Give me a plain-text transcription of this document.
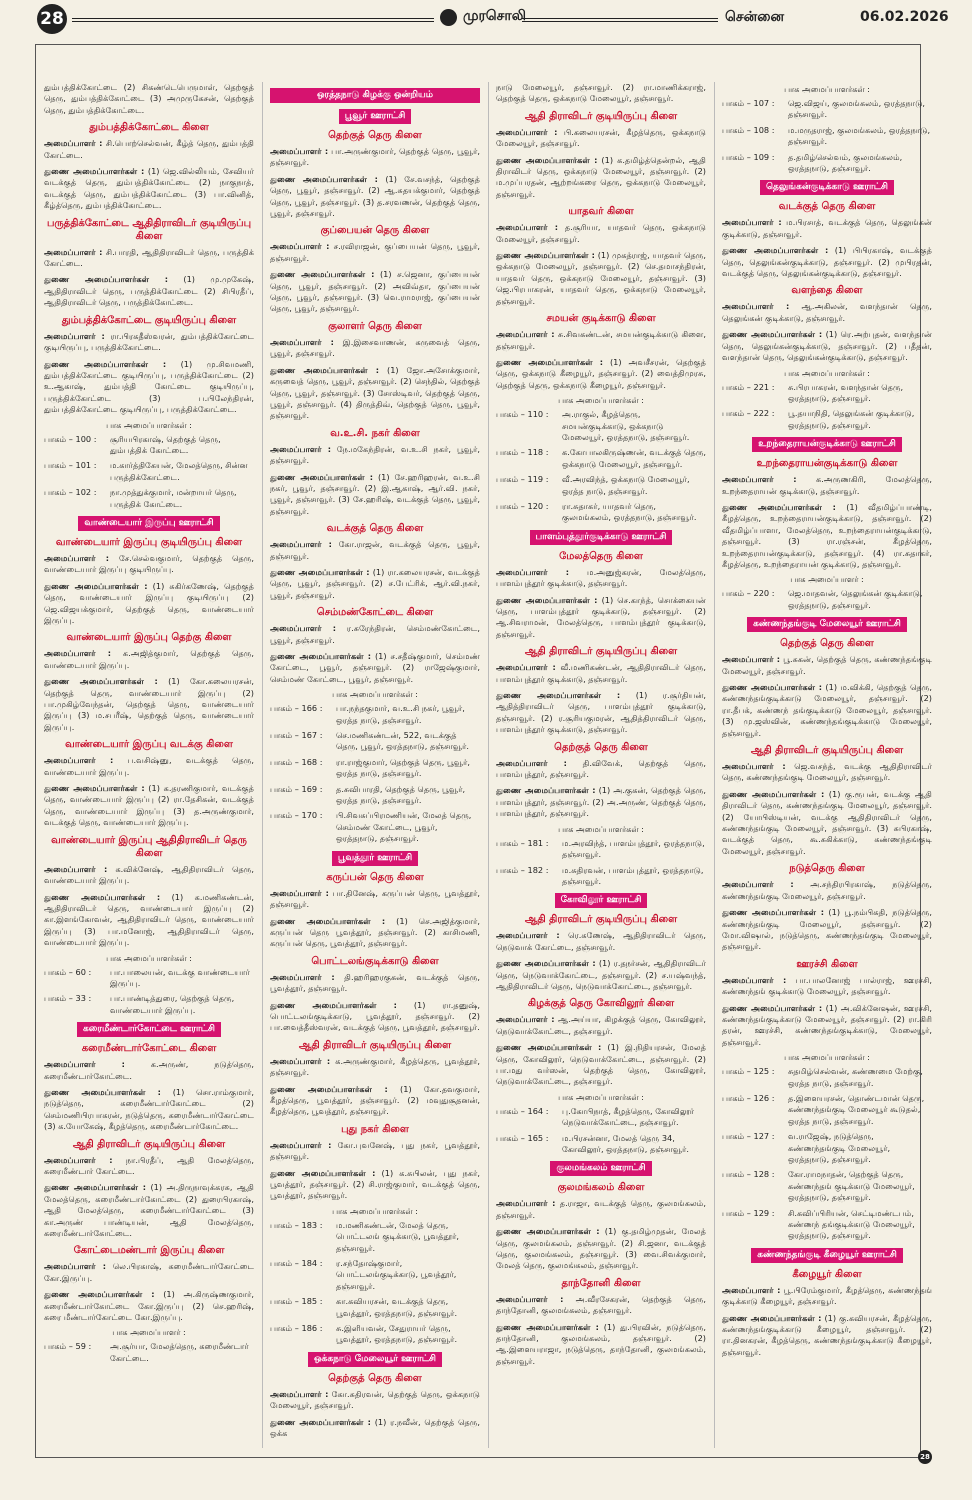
28	முரசொலி	சென்னை	06.02.2026

தும்பத்திக்கோட்டை (2) சிகண்டெபெருமாள், தெற்குத் தெரு, தும்பத்திக்கோட்டை (3) அமுருகேசன், தெற்குத் தெரு, தும்பத்திக்கோட்டை.

தும்பத்திக்கோட்டை கிளை

அமைப்பாளர் : சி.பொற்செல்வன், கீழ்த் தெரு, தும்பத்தி கோட்டை.

துணை அமைப்பாளர்கள் : (1) ஜெ.வில்லியம், சேவியர் வடக்குத் தெரு, தும்பத்திக்கோட்டை (2) நாகுநாத், வடக்குத் தெரு, தும்பத்திக்கோட்டை (3) பா.வினித், கீழ்த்தெரு, தும்பத்திக்கோட்டை.

பருத்திக்கோட்டை ஆதிதிராவிடர் குடியிருப்பு கிளை

அமைப்பாளர் : சி.பாரதி, ஆதிதிராவிடர் தெரு, பருத்திக் கோட்டை.

துணை அமைப்பாளர்கள் : (1) மு.முகேஷ், ஆதிதிராவிடர் தெரு, பருத்திக்கோட்டை (2) சிபிரதீப், ஆதிதிராவிடர் தெரு, பருத்திக்கோட்டை.

தும்பத்திக்கோட்டை குடியிருப்பு கிளை

அமைப்பாளர் : ரா.பிரகதீஸ்வரன், தும்பத்திக்கோட்டை குடியிருப்பு, பருத்திக்கோட்டை.

துணை அமைப்பாளர்கள் : (1) மு.சிவமணி, தும்பத்திக்கோட்டை குடியிருப்பு, பருத்திக்கோட்டை (2) உ.ஆகாஷ், தும்பத்தி கோட்டை குடியிருப்பு, பருத்திக்கோட்டை (3) ப.பிலேந்திரன், தும்பத்திக்கோட்டை குடியிருப்பு, பருத்திக்கோட்டை.

பாக அமைப்பாளர்கள் :
பாகம் – 100 :	சூரியபிரகாஷ், தெற்குத் தெரு, தும்பத்திக் கோட்டை.
பாகம் – 101 :	ம.கார்த்திகேயன், மேலத்தெரு, சின்ன பருத்திக்கோட்டை.
பாகம் – 102 :	நா.முத்துக்குமார், மன்றாயர் தெரு, பருத்திக் கோட்டை.
வாண்டையார் இருப்பு ஊராட்சி
வாண்டையார் இருப்பு குடியிருப்பு கிளை

அமைப்பாளர் : சே.செல்வகுமார், தெற்குத் தெரு, வாண்டையார் இருப்பு குடியிருப்பு.

துணை அமைப்பாளர்கள் : (1) சுகிர்கணேஷ், தெற்குத் தெரு, வாண்டையார் இருப்பு குடியிருப்பு (2) ஜெ.விஜயக்குமார், தெற்குத் தெரு, வாண்டையார் இருப்பு.

வாண்டையார் இருப்பு தெற்கு கிளை

அமைப்பாளர் : க.அஜித்குமார், தெற்குத் தெரு, வாண்டையார் இருப்பு.

துணை அமைப்பாளர்கள் : (1) கோ.கலையரசன், தெற்குத் தெரு, வாண்டையார் இருப்பு (2) பா.முகிழ்வேந்தன், தெற்குத் தெரு, வாண்டையார் இருப்பு (3) ம.சபரீஷ், தெற்குத் தெரு, வாண்டையார் இருப்பு.

வாண்டையார் இருப்பு வடக்கு கிளை

அமைப்பாளர் : ப.வசிஷ்னு, வடக்குத் தெரு, வாண்டையார் இருப்பு.

துணை அமைப்பாளர்கள் : (1) க.தரணிகுமார், வடக்குத் தெரு, வாண்டையார் இருப்பு (2) ரா.தேசிகன், வடக்குத் தெரு, வாண்டையார் இருப்பு (3) த.அருண்குமார், வடக்குத் தெரு, வாண்டையார் இருப்பு.

வாண்டையார் இருப்பு ஆதிதிராவிடர் தெரு கிளை

அமைப்பாளர் : க.விக்னேஷ், ஆதிதிராவிடர் தெரு, வாண்டையார் இருப்பு.

துணை அமைப்பாளர்கள் : (1) க.மணிகண்டன், ஆதிதிராவிடர் தெரு, வாண்டையார் இருப்பு (2) கா.இளங்கோவன், ஆதிதிராவிடர் தெரு, வாண்டையார் இருப்பு (3) பா.மனோஜ், ஆதிதிராவிடர் தெரு, வாண்டையார் இருப்பு.

பாக அமைப்பாளர்கள் :
பாகம் – 60 :	பா.பாலையன், வடக்கு வாண்டையார் இருப்பு.
பாகம் – 33 :	பா.பாண்டித்துரை, தெற்குத் தெரு, வாண்டையார் இருப்பு.
கரைமீண்டார்கோட்டை ஊராட்சி
கரைமீண்டார்கோட்டை கிளை

அமைப்பாளர் : க.அருண், நடுத்தெரு, கரைமீண்டார்கோட்டை.

துணை அமைப்பாளர்கள் : (1) சொ.ராம்குமார், நடுத்தெரு, கரைமீண்டார்கோட்டை (2) செம்மணிபிரபாகரன், நடுத்தெரு, கரைமீண்டார்கோட்டை (3) க.யோகேஷ், கீழத்தெரு, கரைமீண்டார்கோட்டை.

ஆதி திராவிடர் குடியிருப்பு கிளை

அமைப்பாளர் : நா.பிரதீப், ஆதி மேலத்தெரு, கரைமீண்டார் கோட்டை.

துணை அமைப்பாளர்கள் : (1) அ.திருநாவுக்கரசு, ஆதி மேலத்தெரு, கரைமீண்டார்கோட்டை (2) துரைபிரகாஷ், ஆதி மேலத்தெரு, கரைமீண்டார்கோட்டை (3) கா.அருண் பாண்டியன், ஆதி மேலத்தெரு, கரைமீண்டார்கோட்டை.

கோட்டைமண்டார் இருப்பு கிளை

அமைப்பாளர் : லெ.பிரகாஷ், கரைமீண்டார்கோட்டை கோ.இருப்பு.

துணை அமைப்பாளர்கள் : (1) அ.கிருஷ்ணகுமார், கரைமீண்டார்கோட்டை கோ.இருப்பு (2) செ.ஹரிஷ், கரை மீண்டார்கோட்டை கோ.இருப்பு.

பாக அமைப்பாளர் :
பாகம் – 59 :	அ.சூர்யா, மேலத்தெரு, கரைமீண்டார் கோட்டை.
ஒரத்தநாடு கிழக்கு ஒன்றியம்
பூவூர் ஊராட்சி
தெற்குத் தெரு கிளை

அமைப்பாளர் : பா.அருண்குமார், தெற்குத் தெரு, பூவூர், தஞ்சாவூர்.

துணை அமைப்பாளர்கள் : (1) சே.வசந்த், தெற்குத் தெரு, பூவூர், தஞ்சாவூர். (2) ஆ.சுதயக்குமார், தெற்குத் தெரு, பூவூர், தஞ்சாவூர். (3) த.சரவணன், தெற்குத் தெரு, பூவூர், தஞ்சாவூர்.

குப்பையன் தெரு கிளை

அமைப்பாளர் : ச.ரவிராஜன், குப்பையன் தெரு, பூவூர், தஞ்சாவூர்.

துணை அமைப்பாளர்கள் : (1) ச.ஜெனா, குப்பையன் தெரு, பூவூர், தஞ்சாவூர். (2) அவிவ்தா, குப்பையன் தெரு, பூவூர், தஞ்சாவூர். (3) வெ.ராமராஜ், குப்பையன் தெரு, பூவூர், தஞ்சாவூர்.

குலாளர் தெரு கிளை

அமைப்பாளர் : இ.இசைவாணன், கருவைத் தெரு, பூவூர், தஞ்சாவூர்.

துணை அமைப்பாளர்கள் : (1) ஜோ.அசோக்குமார், கருவைத் தெரு, பூவூர், தஞ்சாவூர். (2) செந்தில், தெற்குத் தெரு, பூவூர், தஞ்சாவூர். (3) சோஸ்டிவர், தெற்குத் தெரு, பூவூர், தஞ்சாவூர். (4) திருத்திவ், தெற்குத் தெரு, பூவூர், தஞ்சாவூர்.

வ.உ.சி. நகர் கிளை

அமைப்பாளர் : நே.மகேந்திரன், வ.உ.சி நகர், பூவூர், தஞ்சாவூர்.

துணை அமைப்பாளர்கள் : (1) சே.ஹரிஹரன், வ.உ.சி நகர், பூவூர், தஞ்சாவூர். (2) இ.ஆகாஷ், ஆர்.வி. நகர், பூவூர், தஞ்சாவூர். (3) சே.ஹரிஷ், வடக்குத் தெரு, பூவூர், தஞ்சாவூர்.

வடக்குத் தெரு கிளை

அமைப்பாளர் : கோ.ராஜன், வடக்குத் தெரு, பூவூர், தஞ்சாவூர்.

துணை அமைப்பாளர்கள் : (1) ரா.கலையரசன், வடக்குத் தெரு, பூவூர், தஞ்சாவூர். (2) ச.பேட்ரிக், ஆர்.வி.நகர், பூவூர், தஞ்சாவூர்.

செம்மண்கோட்டை கிளை

அமைப்பாளர் : ர.சுரேந்திரன், செம்மண்கோட்டை, பூவூர், தஞ்சாவூர்.

துணை அமைப்பாளர்கள் : (1) ச.சதீஷ்குமார், செம்மண் கோட்டை, பூவூர், தஞ்சாவூர். (2) ராஜேஷ்குமார், செம்மண் கோட்டை, பூவூர், தஞ்சாவூர்.

பாக அமைப்பாளர்கள் :
பாகம் – 166 :	பா.நந்தகுமார், வ.உ.சி நகர், பூவூர், ஒரத்த நாடு, தஞ்சாவூர்.
பாகம் – 167 :	செ.மணிகண்டன், 522, வடக்குத் தெரு, பூவூர், ஒரத்தநாடு, தஞ்சாவூர்.
பாகம் – 168 :	ரா.ராஜ்குமார், தெற்குத் தெரு, பூவூர், ஒரத்த நாடு, தஞ்சாவூர்.
பாகம் – 169 :	த.சுவிபாரதி, தெற்குத் தெரு, பூவூர், ஒரத்த நாடு, தஞ்சாவூர்.
பாகம் – 170 :	பி.சிவசுப்பிரமணியன், மேலத் தெரு, செம்மண் கோட்டை, பூவூர், ஒரத்தநாடு, தஞ்சாவூர்.
பூவத்தூர் ஊராட்சி
கருப்பன் தெரு கிளை

அமைப்பாளர் : பா.தினேஷ், கருப்பன் தெரு, பூவத்தூர், தஞ்சாவூர்.

துணை அமைப்பாளர்கள் : (1) செ.அஜித்குமார், கருப்பன் தெரு பூவத்தூர், தஞ்சாவூர். (2) காசிமணி, கருப்பன் தெரு, பூவத்தூர், தஞ்சாவூர்.

பொட்டலங்குடிக்காடு கிளை

அமைப்பாளர் : தி.ஹரிஹரகுகன், வடக்குத் தெரு, பூவத்தூர், தஞ்சாவூர்.

துணை அமைப்பாளர்கள் : (1) ரா.தனுஷ், பொட்டலங்குடிக்காடு, பூவத்தூர், தஞ்சாவூர். (2) பா.வைத்தீஸ்வரன், வடக்குத் தெரு, பூவத்தூர், தஞ்சாவூர்.

ஆதி திராவிடர் குடியிருப்பு கிளை

அமைப்பாளர் : க.அருண்குமார், கீழத்தெரு, பூவத்தூர், தஞ்சாவூர்.

துணை அமைப்பாளர்கள் : (1) கோ.தவகுமார், கீழத்தெரு, பூவத்தூர், தஞ்சாவூர். (2) மவுதுசூதனன், கீழத்தெரு, பூவத்தூர், தஞ்சாவூர்.

புது நகர் கிளை

அமைப்பாளர் : கோ.புவனேஷ், புது நகர், பூவத்தூர், தஞ்சாவூர்.

துணை அமைப்பாளர்கள் : (1) க.சுபிலன், புது நகர், பூவத்தூர், தஞ்சாவூர். (2) சி.ராஜ்குமார், வடக்குத் தெரு, பூவத்தூர், தஞ்சாவூர்.

பாக அமைப்பாளர்கள் :
பாகம் – 183 :	ம.மணிகண்டன், மேலத் தெரு, பொட்டலங் குடிக்காடு, பூவத்தூர், தஞ்சாவூர்.
பாகம் – 184 :	ர.சந்தோஷ்குமார், பொட்டலங்குடிக்காடு, பூவத்தூர், தஞ்சாவூர்.
பாகம் – 185 :	கா.கவியரசன், வடக்குத் தெரு, பூவத்தூர், ஒரத்தநாடு, தஞ்சாவூர்.
பாகம் – 186 :	சு.இளியவன், சேதுராயர் தெரு, பூவத்தூர், ஒரத்தநாடு, தஞ்சாவூர்.
ஒக்கநாடு மேலையூர் ஊராட்சி
தெற்குத் தெரு கிளை

அமைப்பாளர் : கோ.சுதிரவன், தெற்குத் தெரு, ஒக்கநாடு மேலையூர், தஞ்சாவூர்.

துணை அமைப்பாளர்கள் : (1) ர.நவீன், தெற்குத் தெரு, ஒக்க

நாடு மேலையூர், தஞ்சாவூர். (2) ரா.மாணிக்கராஜ், தெற்குத் தெரு, ஒக்கநாடு மேலையூர், தஞ்சாவூர்.

ஆதி திராவிடர் குடியிருப்பு கிளை

அமைப்பாளர் : பி.கலையரசன், கீழத்தெரு, ஒக்கநாடு மேலையூர், தஞ்சாவூர்.

துணை அமைப்பாளர்கள் : (1) க.தமிழ்த்தென்றல், ஆதி திராவிடர் தெரு, ஒக்கநாடு மேலையூர், தஞ்சாவூர். (2) ம.முப்பரதன், ஆற்றங்கரை தெரு, ஒக்கநாடு மேலையூர், தஞ்சாவூர்.

யாதவர் கிளை

அமைப்பாளர் : த.சூரியா, யாதவர் தெரு, ஒக்கநாடு மேலையூர், தஞ்சாவூர்.

துணை அமைப்பாளர்கள் : (1) முகத்ராஜ், யாதவர் தெரு, ஒக்கநாடு மேலையூர், தஞ்சாவூர். (2) செ.தமாசந்திரன், யாதவர் தெரு, ஒக்கநாடு மேலையூர், தஞ்சாவூர். (3) ஜெ.பிரபாகரன், யாதவர் தெரு, ஒக்கநாடு மேலையூர், தஞ்சாவூர்.

சமயன் குடிக்காடு கிளை

அமைப்பாளர் : சு.சிவகண்டன், சமயன்குடிக்காடு கிளை, தஞ்சாவூர்.

துணை அமைப்பாளர்கள் : (1) அவசீசரன், தெற்குத் தெரு, ஒக்கநாடு கீழையூர், தஞ்சாவூர். (2) வைத்திமுரசு, தெற்குத் தெரு, ஒக்கநாடு கீழையூர், தஞ்சாவூர்.

பாக அமைப்பாளர்கள் :
பாகம் – 110 :	அ.ராகுல், கீழத்தெரு, சமயன்குடிக்காடு, ஒக்கநாடு மேலையூர், ஒரத்தநாடு, தஞ்சாவூர்.
பாகம் – 118 :	க.கோபாலகிருஷ்ணன், வடக்குத் தெரு, ஒக்கநாடு மேலையூர், தஞ்சாவூர்.
பாகம் – 119 :	வீ.அரவிந்த், ஒக்கநாடு மேலையூர், ஒரத்த நாடு, தஞ்சாவூர்.
பாகம் – 120 :	ரா.சுதாகர், யாதவர் தெரு, குலமங்கலம், ஒரத்தநாடு, தஞ்சாவூர்.
பாளம்புத்தூர்குடிக்காடு ஊராட்சி
மேலத்தெரு கிளை

அமைப்பாளர் : ம.அனுஜ்கரன், மேலத்தெரு, பாளம்புத்தூர் குடிக்காடு, தஞ்சாவூர்.

துணை அமைப்பாளர்கள் : (1) செ.காந்த், சொக்கையன் தெரு, பாளம்புத்தூர் குடிக்காடு, தஞ்சாவூர். (2) ஆ.சிவராமன், மேலத்தெரு, பாளம்புத்தூர் குடிக்காடு, தஞ்சாவூர்.

ஆதி திராவிடர் குடியிருப்பு கிளை

அமைப்பாளர் : வீ.மணிகண்டன், ஆதிதிராவிடர் தெரு, பாளம்புத்தூர் குடிக்காடு, தஞ்சாவூர்.

துணை அமைப்பாளர்கள் : (1) ர.சூர்தியன், ஆதித்திராவிடர் தெரு, பாளம்புத்தூர் குடிக்காடு, தஞ்சாவூர். (2) ர.சூரியகுமரன், ஆதித்திராவிடர் தெரு, பாளம்புத்தூர் குடிக்காடு, தஞ்சாவூர்.

தெற்குத் தெரு கிளை

அமைப்பாளர் : தி.விவேக், தெற்குத் தெரு, பாளம்புத்தூர், தஞ்சாவூர்.

துணை அமைப்பாளர்கள் : (1) அ.குகன், தெற்குத் தெரு, பாளம்புத்தூர், தஞ்சாவூர். (2) அ.அருண், தெற்குத் தெரு, பாளம்புத்தூர், தஞ்சாவூர்.

பாக அமைப்பாளர்கள் :
பாகம் – 181 :	ம.அரவிந்த், பாளம்புத்தூர், ஒரத்தநாடு, தஞ்சாவூர்.
பாகம் – 182 :	ம.சுதிரவன், பாளம்புத்தூர், ஒரத்தநாடு, தஞ்சாவூர்.
கோவிலூர் ஊராட்சி
ஆதி திராவிடர் குடியிருப்பு கிளை

அமைப்பாளர் : ரெ.கணேஷ், ஆதிதிராவிடர் தெரு, நெடுவாக் கோட்டை, தஞ்சாவூர்.

துணை அமைப்பாளர்கள் : (1) ர.தநர்சன், ஆதிதிராவிடர் தெரு, நெடுவாக்கோட்டை, தஞ்சாவூர். (2) ச.யஷ்வந்த், ஆதிதிராவிடர் தெரு, நெடுவாக்கோட்டை, தஞ்சாவூர்.

கிழக்குத் தெரு கோவிலூர் கிளை

அமைப்பாளர் : ஆ.அய்யா, கிழக்குத் தெரு, கோவிலூர், நெடுவாக்கோட்டை, தஞ்சாவூர்.

துணை அமைப்பாளர்கள் : (1) இ.நிதியரசன், மேலத் தெரு, கோவிலூர், நெடுவாக்கோட்டை, தஞ்சாவூர். (2) பா.மது வர்ஸன், தெற்குத் தெரு, கோவிலூர், நெடுவாக்கோட்டை, தஞ்சாவூர்.

பாக அமைப்பாளர்கள் :
பாகம் – 164 :	பு.கோபிநாத், கீழத்தெரு, கோவிலூர் நெடுவாக்கோட்டை, தஞ்சாவூர்.
பாகம் – 165 :	ம.பிரசன்னா, மேலத் தெரு 34, கோவிலூர், ஒரத்தநாடு, தஞ்சாவூர்.
குலமங்கலம் ஊராட்சி
குலமங்கலம் கிளை

அமைப்பாளர் : த.ராஜா, வடக்குத் தெரு, குலமங்கலம், தஞ்சாவூர்.

துணை அமைப்பாளர்கள் : (1) கு.தமிழ்முதன், மேலத் தெரு, குலமங்கலம், தஞ்சாவூர். (2) சி.ஜனா, வடக்குத் தெரு, குலமங்கலம், தஞ்சாவூர். (3) வை.சிவக்குமார், மேலத் தெரு, குலமங்கலம், தஞ்சாவூர்.

தாந்தோனி கிளை

அமைப்பாளர் : அ.வீரசேகரன், தெற்குத் தெரு, தாந்தோனி, குலமங்கலம், தஞ்சாவூர்.

துணை அமைப்பாளர்கள் : (1) து.பிரவின், நடுத்தெரு, தாந்தோனி, குலமங்கலம், தஞ்சாவூர். (2) ஆ.இளையராஜா, நடுத்தெரு, தாந்தோனி, குலமங்கலம், தஞ்சாவூர்.

பாக அமைப்பாளர்கள் :
பாகம் – 107 :	ஜெ.விஜய், குலமங்கலம், ஒரத்தநாடு, தஞ்சாவூர்.
பாகம் – 108 :	ம.மருதராஜ், குலமங்கலம், ஒரத்தநாடு, தஞ்சாவூர்.
பாகம் – 109 :	த.தமிழ்செல்வம், குலமங்கலம், ஒரத்தநாடு, தஞ்சாவூர்.
தெலுங்கன்குடிக்காடு ஊராட்சி
வடக்குத் தெரு கிளை

அமைப்பாளர் : ம.பிரசாத், வடக்குத் தெரு, தெலுங்கன் குடிக்காடு, தஞ்சாவூர்.

துணை அமைப்பாளர்கள் : (1) பிபிரகாஷ், வடக்குத் தெரு, தெலுங்கன்குடிக்காடு, தஞ்சாவூர். (2) முபிரதன், வடக்குத் தெரு, தெலுங்கன்குடிக்காடு, தஞ்சாவூர்.

வளந்தை கிளை

அமைப்பாளர் : ஆ.அகிலன், வளந்தான் தெரு, தெலுங்கன் குடிக்காடு, தஞ்சாவூர்.

துணை அமைப்பாளர்கள் : (1) ரெ.அற்புதன், வளந்தான் தெரு, தெலுங்கன்குடிக்காடு, தஞ்சாவூர். (2) பதீதன், வளந்தான் தெரு, தெலுங்கன்குடிக்காடு, தஞ்சாவூர்.

பாக அமைப்பாளர்கள் :
பாகம் – 221 :	சு.பிரபாகரன், வளந்தான் தெரு, ஒரத்தநாடு, தஞ்சாவூர்.
பாகம் – 222 :	பூ.தயாநிதி, தெலுங்கன் குடிக்காடு, ஒரத்தநாடு, தஞ்சாவூர்.
உறந்தைராயன்குடிக்காடு ஊராட்சி
உறந்தைராயன்குடிக்காடு கிளை

அமைப்பாளர் : க.அருணகிரி, மேலத்தெரு, உறந்தைராயன் குடிக்காடு, தஞ்சாவூர்.

துணை அமைப்பாளர்கள் : (1) வீதமிழ்ப்பாண்டி, கீழத்தெரு, உறந்தைராயன்குடிக்காடு, தஞ்சாவூர். (2) வீதமிழ்ப்பாளா, மேலத்தெரு, உறந்தைராயன்குடிக்காடு, தஞ்சாவூர். (3) ரா.ரஞ்சன், கீழத்தெரு, உறந்தைராயன்குடிக்காடு, தஞ்சாவூர். (4) ரா.சுதாகர், கீழத்தெரு, உறந்தைராயன் குடிக்காடு, தஞ்சாவூர்.

பாக அமைப்பாளர் :
பாகம் – 220 :	ஜெ.மாதவன், தெலுங்கன் குடிக்காடு, ஒரத்தநாடு, தஞ்சாவூர்.
கண்ணந்தங்குடி மேலையூர் ஊராட்சி
தெற்குத் தெரு கிளை

அமைப்பாளர் : பூ.சுகன், தெற்குத் தெரு, கண்ணந்தங்குடி மேலையூர், தஞ்சாவூர்.

துணை அமைப்பாளர்கள் : (1) ம.விக்கி, தெற்குத் தெரு, கண்ணந்தங்குடிக்காடு மேலையூர், தஞ்சாவூர். (2) ரா.தீபக், கண்ணந் தங்குடிக்காடு மேலையூர், தஞ்சாவூர். (3) மு.ஜஸ்வின், கண்ணந்தங்குடிக்காடு மேலையூர், தஞ்சாவூர்.

ஆதி திராவிடர் குடியிருப்பு கிளை

அமைப்பாளர் : ஜெ.வசந்த், வடக்கு ஆதிதிராவிடர் தெரு, கண்ணந்தங்குடி மேலையூர், தஞ்சாவூர்.

துணை அமைப்பாளர்கள் : (1) கு.ரூபன், வடக்கு ஆதி திராவிடர் தெரு, கண்ணந்தங்குடி மேலையூர், தஞ்சாவூர். (2) யோபிஸ்டியன், வடக்கு ஆதிதிராவிடர் தெரு, கண்ணந்தங்குடி மேலையூர், தஞ்சாவூர். (3) சுபிரகாஷ், வடக்குத் தெரு, கூ.சுகிக்காடு, கண்ணந்தங்குடி மேலையூர், தஞ்சாவூர்.

நடுத்தெரு கிளை

அமைப்பாளர் : அ.சந்திரபிரகாஷ், நடுத்தெரு, கண்ணந்தங்குடி மேலையூர், தஞ்சாவூர்.

துணை அமைப்பாளர்கள் : (1) பூ.நம்பிகதி, நடுத்தெரு, கண்ணந்தங்குடி மேலையூர், தஞ்சாவூர். (2) மோ.விஷால், நடுத்தெரு, கண்ணந்தங்குடி மேலையூர், தஞ்சாவூர்.

ஊரச்சி கிளை

அமைப்பாளர் : பா.பாலனோஜ் பால்ராஜ், ஊரச்சி, கண்ணந்தங் குடிக்காடு மேலையூர், தஞ்சாவூர்.

துணை அமைப்பாளர்கள் : (1) அ.விக்னேஷன், ஊரச்சி, கண்ணந்தங்குடிக்காடு மேலையூர், தஞ்சாவூர். (2) ரா.கிரி தரன், ஊரச்சி, கண்ணந்தங்குடிக்காடு, மேலையூர், தஞ்சாவூர்.

பாக அமைப்பாளர்கள் :
பாகம் – 125 :	சுதமிழ்செல்வன், கண்ணமை மேற்கு, ஒரத்த நாடு, தஞ்சாவூர்.
பாகம் – 126 :	த.இளையரசன், தொண்டமான் தெரு, கண்ணந்தங்குடி மேலையூர் கூடுதல், ஒரத்த நாடு, தஞ்சாவூர்.
பாகம் – 127 :	வ.ராஜேஷ், நடுத்தெரு, கண்ணந்தங்குடி மேலையூர், ஒரத்தநாடு, தஞ்சாவூர்.
பாகம் – 128 :	கோ.ராமநாதன், தெற்குத் தெரு, கண்ணந்தங் குடிக்காடு மேலையூர், ஒரத்தநாடு, தஞ்சாவூர்.
பாகம் – 129 :	சி.கவிப்பிரியன், செட்டிமண்டபம், கண்ணந் தங்குடிக்காடு மேலையூர், ஒரத்தநாடு, தஞ்சாவூர்.
கண்ணந்தங்குடி கீழையூர் ஊராட்சி
கீழையூர் கிளை

அமைப்பாளர் : பூ.பிரேம்குமார், கீழத்தெரு, கண்ணந்தங் குடிக்காடு கீழையூர், தஞ்சாவூர்.

துணை அமைப்பாளர்கள் : (1) கு.கவியரசன், கீழத்தெரு, கண்ணந்தங்குடிக்காடு கீழையூர், தஞ்சாவூர். (2) ரா.தினகரன், கீழத்தெரு, கண்ணந்தங்குடிக்காடு கீழையூர், தஞ்சாவூர்.

28
